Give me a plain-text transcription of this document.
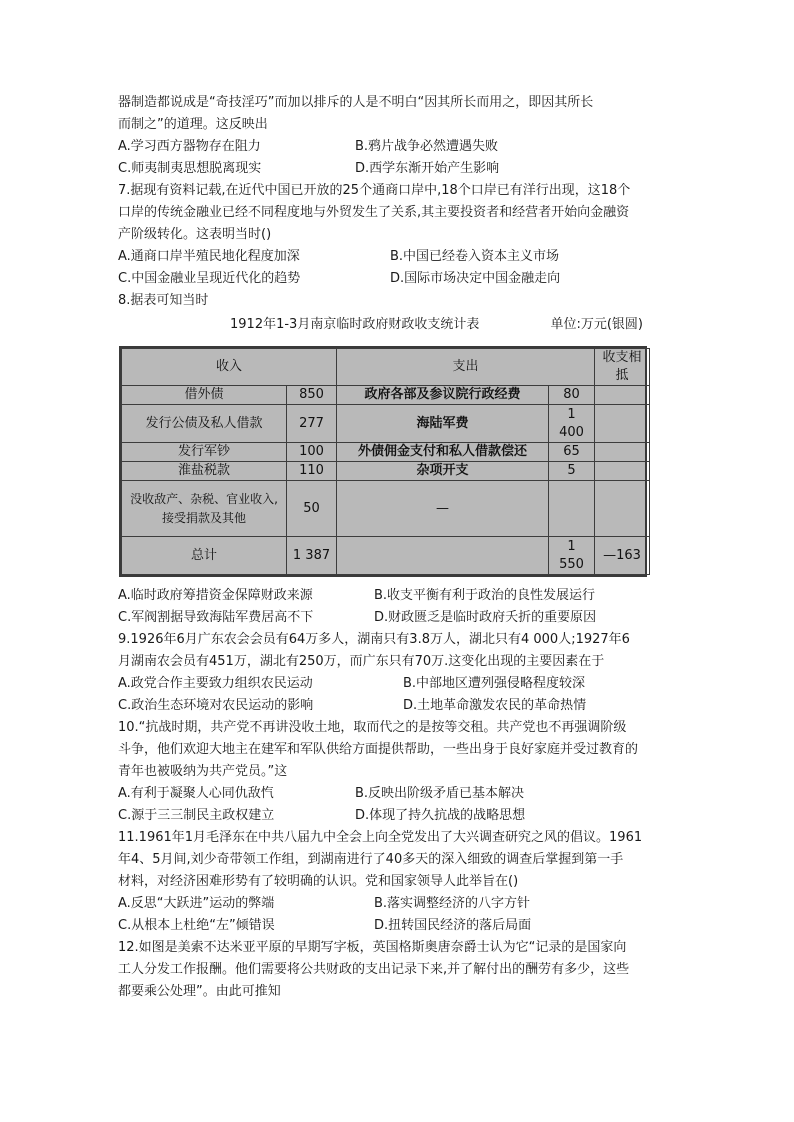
器制造都说成是“奇技淫巧”而加以排斥的人是不明白“因其所长而用之，即因其所长

而制之”的道理。这反映出

A.学习西方器物存在阻力	B.鸦片战争必然遭遇失败
C.师夷制夷思想脱离现实	D.西学东渐开始产生影响

7.据现有资料记载,在近代中国已开放的25个通商口岸中,18个口岸已有洋行出现，这18个

口岸的传统金融业已经不同程度地与外贸发生了关系,其主要投资者和经营者开始向金融资

产阶级转化。这表明当时()

A.通商口岸半殖民地化程度加深	B.中国已经卷入资本主义市场
C.中国金融业呈现近代化的趋势	D.国际市场决定中国金融走向

8.据表可知当时

1912年1-3月南京临时政府财政收支统计表	单位:万元(银圆)
收入		支出		收支相抵
借外债	850	政府各部及参议院行政经费	80	
发行公债及私人借款	277	海陆军费	1 400	
发行军钞	100	外债佣金支付和私人借款偿还	65	
淮盐税款	110	杂项开支	5	
没收敌产、杂税、官业收入,接受捐款及其他	50	—		
总计	1 387		1 550	—163
A.临时政府筹措资金保障财政来源	B.收支平衡有利于政治的良性发展运行
C.军阀割据导致海陆军费居高不下	D.财政匮乏是临时政府夭折的重要原因

9.1926年6月广东农会会员有64万多人，湖南只有3.8万人，湖北只有4 000人;1927年6

月湖南农会员有451万，湖北有250万，而广东只有70万.这变化出现的主要因素在于

A.政党合作主要致力组织农民运动	B.中部地区遭列强侵略程度较深
C.政治生态环境对农民运动的影响	D.土地革命激发农民的革命热情

10.“抗战时期，共产党不再讲没收土地，取而代之的是按等交租。共产党也不再强调阶级

斗争，他们欢迎大地主在建军和军队供给方面提供帮助，一些出身于良好家庭并受过教育的

青年也被吸纳为共产党员。”这

A.有利于凝聚人心同仇敌忾	B.反映出阶级矛盾已基本解决
C.源于三三制民主政权建立	D.体现了持久抗战的战略思想

11.1961年1月毛泽东在中共八届九中全会上向全党发出了大兴调查研究之风的倡议。1961

年4、5月间,刘少奇带领工作组，到湖南进行了40多天的深入细致的调查后掌握到第一手

材料，对经济困难形势有了较明确的认识。党和国家领导人此举旨在()

A.反思“大跃进”运动的弊端	B.落实调整经济的八字方针
C.从根本上杜绝“左”倾错误	D.扭转国民经济的落后局面

12.如图是美索不达米亚平原的早期写字板，英国格斯奥唐奈爵士认为它“记录的是国家向

工人分发工作报酬。他们需要将公共财政的支出记录下来,并了解付出的酬劳有多少，这些

都要乘公处理”。由此可推知
